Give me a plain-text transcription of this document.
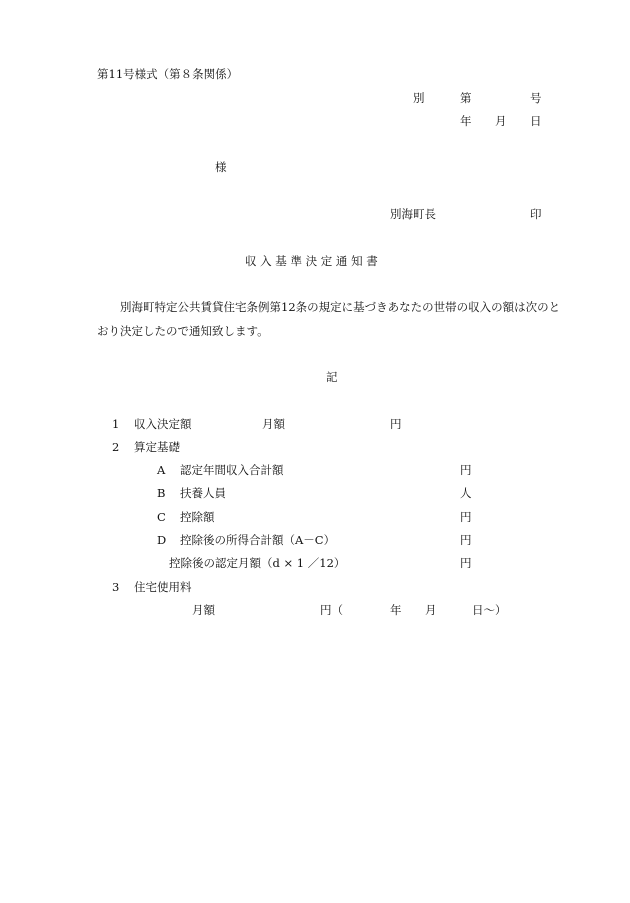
第11号様式（第８条関係）
別	第	号
年 月 日
様
別海町長	印
収 入 基 準 決 定 通 知 書
別海町特定公共賃貸住宅条例第12条の規定に基づきあなたの世帯の収入の額は次のと
おり決定したので通知致します。
記
1 収入決定額	月額	円
2 算定基礎
A 認定年間収入合計額	円
B 扶養人員	人
C 控除額	円
D 控除後の所得合計額（A－C）	円
控除後の認定月額（d × 1 ／12）	円
3 住宅使用料
月額	円（	年 月	日～）
